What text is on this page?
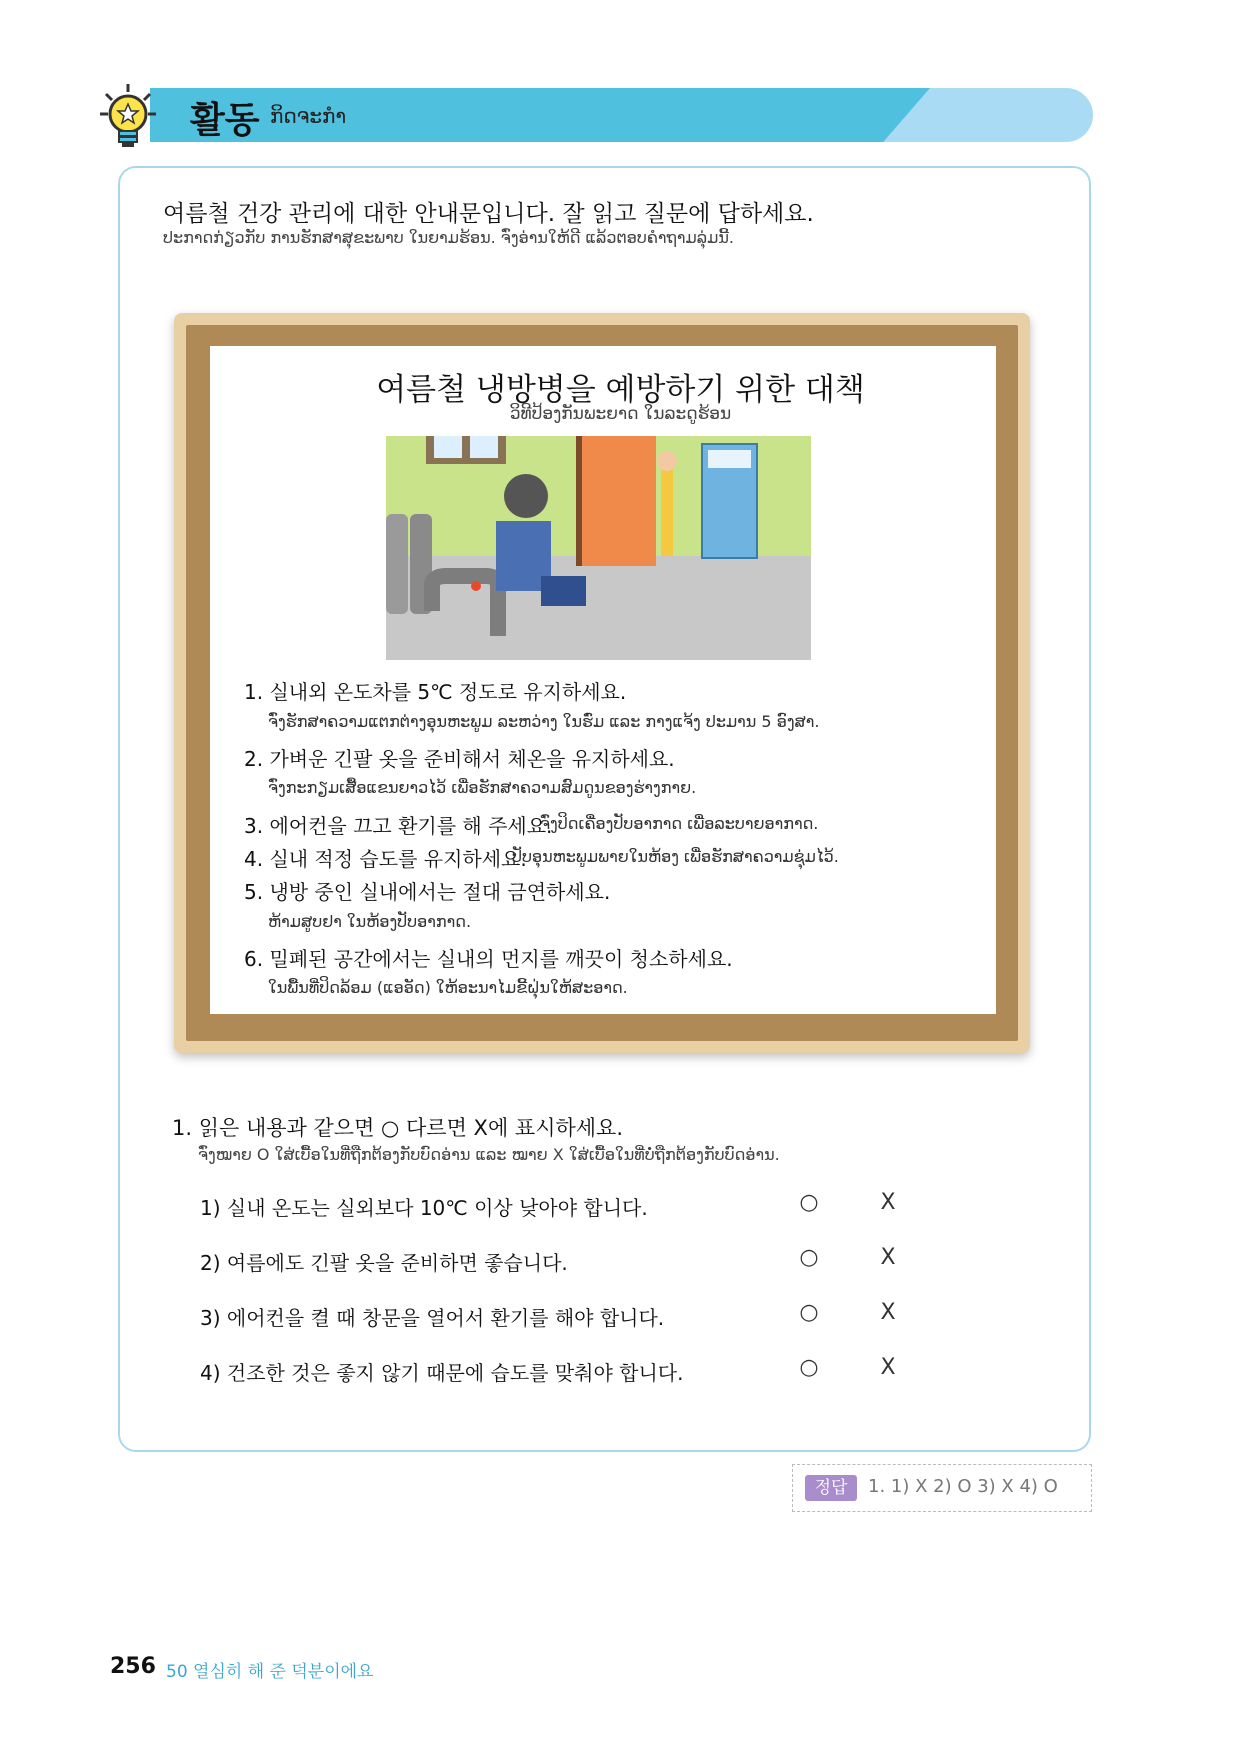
활동 ກິດຈະກຳ
여름철 건강 관리에 대한 안내문입니다. 잘 읽고 질문에 답하세요.
ປະກາດກ່ຽວກັບ ການຮັກສາສຸຂະພາບ ໃນຍາມຮ້ອນ. ຈົ່ງອ່ານໃຫ້ດີ ແລ້ວຕອບຄຳຖາມລຸ່ມນີ້.
여름철 냉방병을 예방하기 위한 대책
ວິທີປ້ອງກັນພະຍາດ ໃນລະດູຮ້ອນ
1. 실내외 온도차를 5℃ 정도로 유지하세요.
ຈົ່ງຮັກສາຄວາມແຕກຕ່າງອຸນຫະພູມ ລະຫວ່າງ ໃນຮົ່ມ ແລະ ກາງແຈ້ງ ປະມານ 5 ອົງສາ.
2. 가벼운 긴팔 옷을 준비해서 체온을 유지하세요.
ຈົ່ງກະກຽມເສື້ອແຂນຍາວໄວ້ ເພື່ອຮັກສາຄວາມສົມດູນຂອງຮ່າງກາຍ.
3. 에어컨을 끄고 환기를 해 주세요.
ຈົ່ງປິດເຄື່ອງປັບອາກາດ ເພື່ອລະບາຍອາກາດ.
4. 실내 적정 습도를 유지하세요.
ປັບອຸນຫະພູມພາຍໃນຫ້ອງ ເພື່ອຮັກສາຄວາມຊຸ່ມໄວ້.
5. 냉방 중인 실내에서는 절대 금연하세요.
ຫ້າມສູບຢາ ໃນຫ້ອງປັບອາກາດ.
6. 밀폐된 공간에서는 실내의 먼지를 깨끗이 청소하세요.
ໃນພື້ນທີ່ປິດລ້ອມ (ແອອັດ) ໃຫ້ອະນາໄມຂີ້ຝຸ່ນໃຫ້ສະອາດ.
1. 읽은 내용과 같으면 ○ 다르면 X에 표시하세요.
ຈົ່ງໝາຍ O ໃສ່ເບື້ອໃນທີ່ຖືກຕ້ອງກັບບົດອ່ານ ແລະ ໝາຍ X ໃສ່ເບື້ອໃນທີ່ບໍ່ຖືກຕ້ອງກັບບົດອ່ານ.
1) 실내 온도는 실외보다 10℃ 이상 낮아야 합니다.	○	X
2) 여름에도 긴팔 옷을 준비하면 좋습니다.	○	X
3) 에어컨을 켤 때 창문을 열어서 환기를 해야 합니다.	○	X
4) 건조한 것은 좋지 않기 때문에 습도를 맞춰야 합니다.	○	X
정답	1. 1) X 2) O 3) X 4) O
256 50 열심히 해 준 덕분이에요
